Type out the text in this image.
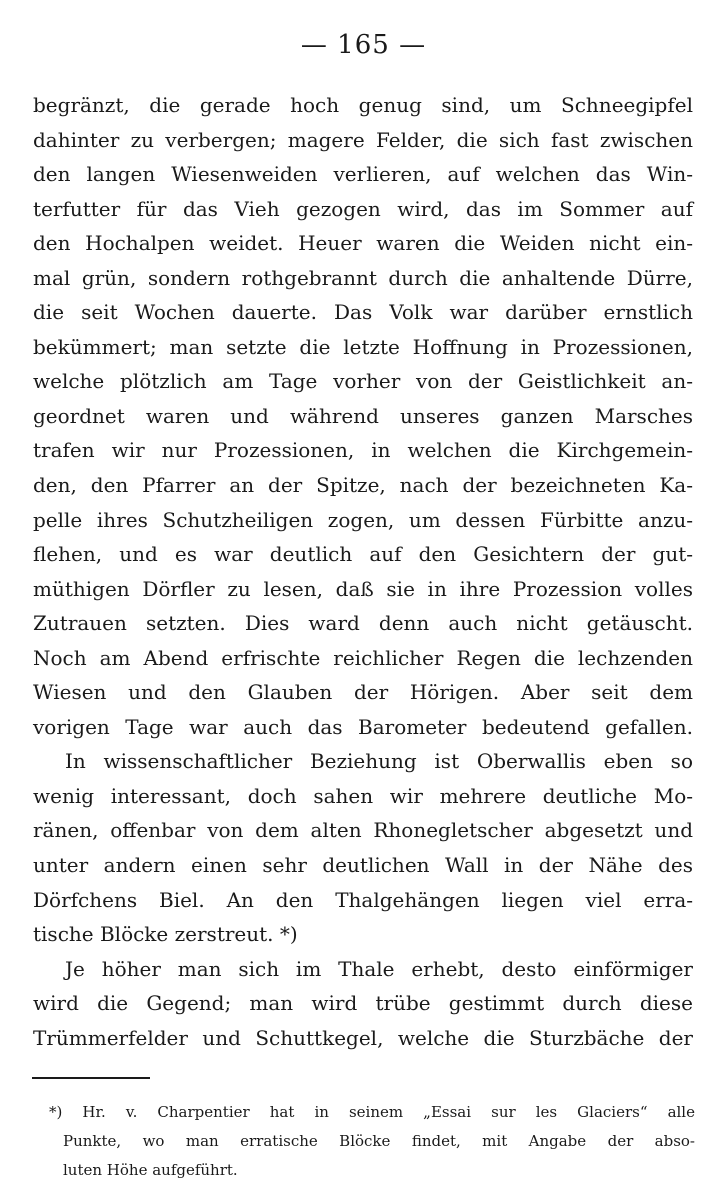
— 165 —
begränzt, die gerade hoch genug sind, um Schneegipfel
dahinter zu verbergen; magere Felder, die sich fast zwischen
den langen Wiesenweiden verlieren, auf welchen das Win-
terfutter für das Vieh gezogen wird, das im Sommer auf
den Hochalpen weidet. Heuer waren die Weiden nicht ein-
mal grün, sondern rothgebrannt durch die anhaltende Dürre,
die seit Wochen dauerte. Das Volk war darüber ernstlich
bekümmert; man setzte die letzte Hoffnung in Prozessionen,
welche plötzlich am Tage vorher von der Geistlichkeit an-
geordnet waren und während unseres ganzen Marsches
trafen wir nur Prozessionen, in welchen die Kirchgemein-
den, den Pfarrer an der Spitze, nach der bezeichneten Ka-
pelle ihres Schutzheiligen zogen, um dessen Fürbitte anzu-
flehen, und es war deutlich auf den Gesichtern der gut-
müthigen Dörfler zu lesen, daß sie in ihre Prozession volles
Zutrauen setzten. Dies ward denn auch nicht getäuscht.
Noch am Abend erfrischte reichlicher Regen die lechzenden
Wiesen und den Glauben der Hörigen. Aber seit dem
vorigen Tage war auch das Barometer bedeutend gefallen.
In wissenschaftlicher Beziehung ist Oberwallis eben so
wenig interessant, doch sahen wir mehrere deutliche Mo-
ränen, offenbar von dem alten Rhonegletscher abgesetzt und
unter andern einen sehr deutlichen Wall in der Nähe des
Dörfchens Biel. An den Thalgehängen liegen viel erra-
tische Blöcke zerstreut. *)
Je höher man sich im Thale erhebt, desto einförmiger
wird die Gegend; man wird trübe gestimmt durch diese
Trümmerfelder und Schuttkegel, welche die Sturzbäche der
*) Hr. v. Charpentier hat in seinem „Essai sur les Glaciers“ alle
Punkte, wo man erratische Blöcke findet, mit Angabe der abso-
luten Höhe aufgeführt.
